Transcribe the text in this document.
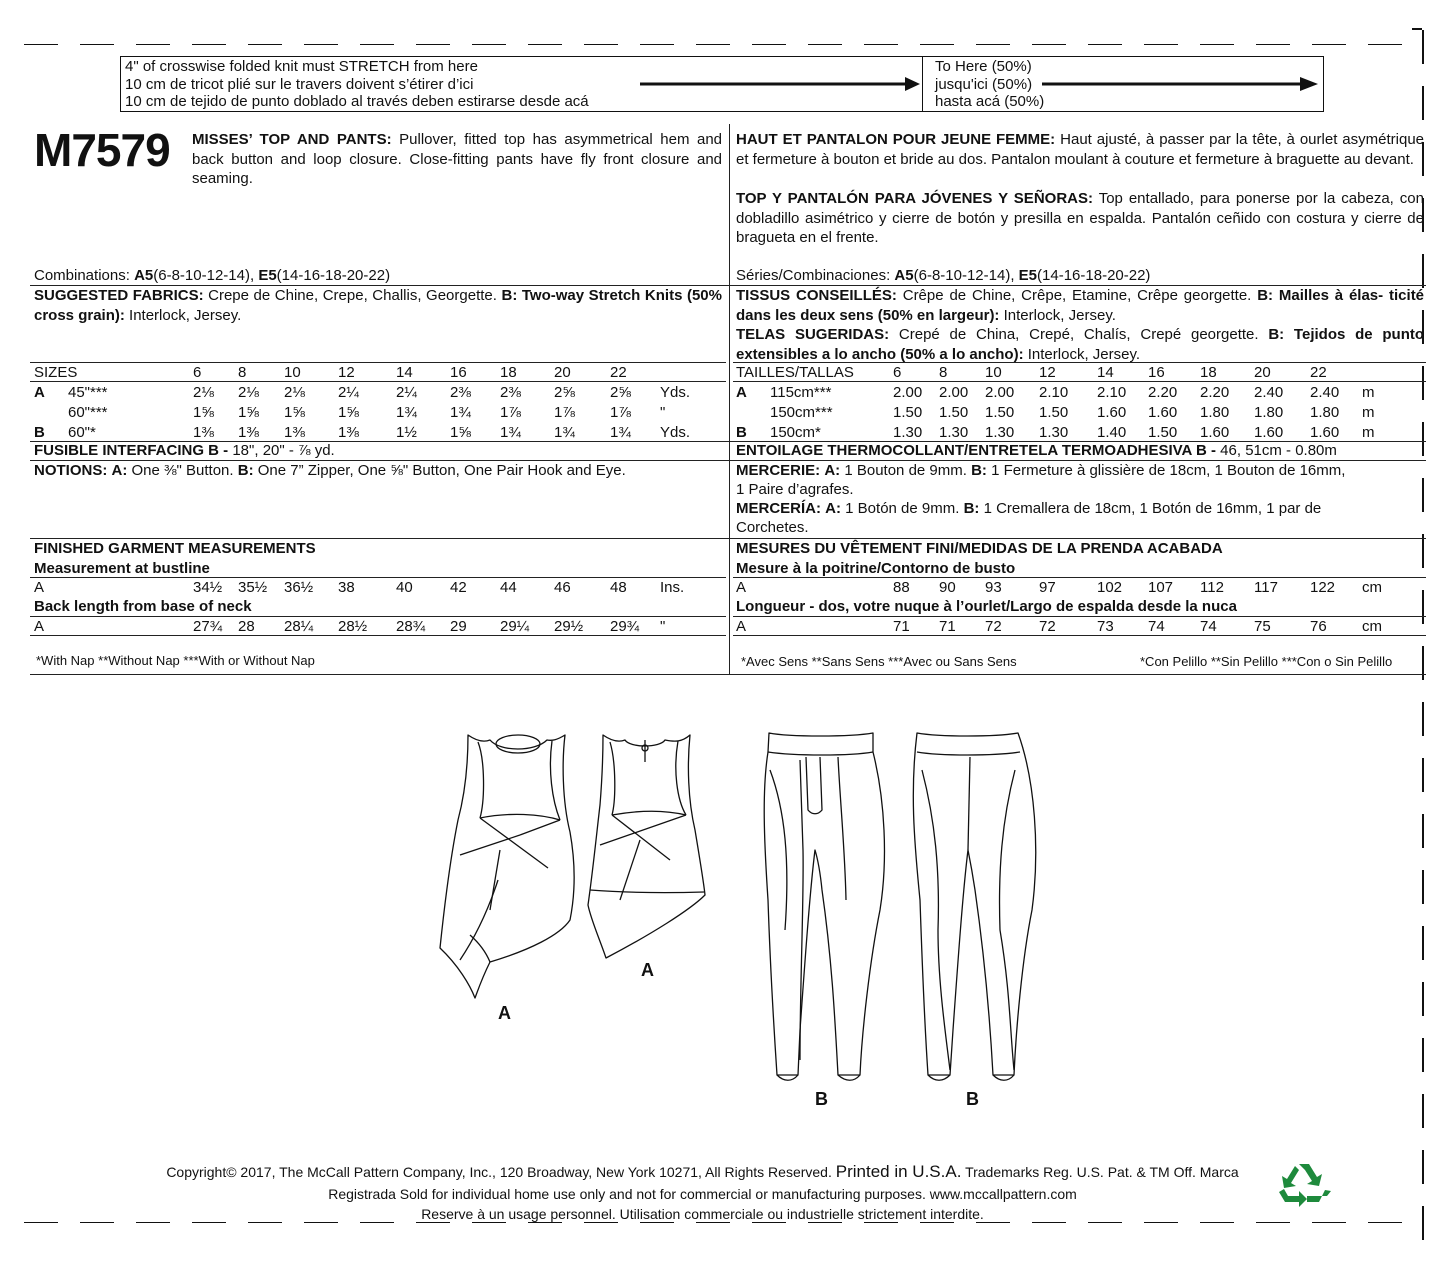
4" of crosswise folded knit must STRETCH from here
10 cm de tricot plié sur le travers doivent s’étirer d’ici
10 cm de tejido de punto doblado al través deben estirarse desde acá
To Here (50%)
jusqu'ici (50%)
hasta acá (50%)
M7579 MISSES’ TOP AND PANTS: Pullover, fitted top has asymmetrical hem and back button and loop closure. Close-fitting pants have fly front closure and seaming.
HAUT ET PANTALON POUR JEUNE FEMME: Haut ajusté, à passer par la tête, à ourlet asymétrique et fermeture à bouton et bride au dos. Pantalon moulant à couture et fermeture à braguette au devant.
TOP Y PANTALÓN PARA JÓVENES Y SEÑORAS: Top entallado, para ponerse por la cabeza, con dobladillo asimétrico y cierre de botón y presilla en espalda. Pantalón ceñido con costura y cierre de bragueta en el frente.
Combinations: A5(6-8-10-12-14), E5(14-16-18-20-22)	Séries/Combinaciones: A5(6-8-10-12-14), E5(14-16-18-20-22)
SUGGESTED FABRICS: Crepe de Chine, Crepe, Challis, Georgette. B: Two-way Stretch Knits (50% cross grain): Interlock, Jersey.
TISSUS CONSEILLÉS: Crêpe de Chine, Crêpe, Etamine, Crêpe georgette. B: Mailles à élas- ticité dans les deux sens (50% en largeur): Interlock, Jersey.
TELAS SUGERIDAS: Crepé de China, Crepé, Chalís, Crepé georgette. B: Tejidos de punto extensibles a lo ancho (50% a lo ancho): Interlock, Jersey.
SIZES	6 8	10 12	14 16 18 20	22
A 45"***	2⅛ 2⅛ 2⅛ 2¼ 2¼ 2⅜ 2⅜ 2⅝ 2⅝ Yds.
60"***	1⅝ 1⅝ 1⅝ 1⅝ 1¾ 1¾ 1⅞ 1⅞ 1⅞ "
B 60"*	1⅜ 1⅜ 1⅜ 1⅜ 1½ 1⅝ 1¾ 1¾ 1¾ Yds.
TAILLES/TALLAS	6	8	10 12	14 16 18 20	22
A 115cm***	2.00 2.00 2.00 2.10 2.10 2.20 2.20 2.40 2.40 m
150cm***	1.50 1.50 1.50 1.50 1.60 1.60 1.80 1.80 1.80 m
B 150cm*	1.30 1.30 1.30 1.30 1.40 1.50 1.60 1.60 1.60 m
FUSIBLE INTERFACING B - 18", 20" - ⅞ yd.	ENTOILAGE THERMOCOLLANT/ENTRETELA TERMOADHESIVA B - 46, 51cm - 0.80m
NOTIONS: A: One ⅜" Button. B: One 7” Zipper, One ⅝" Button, One Pair Hook and Eye.	MERCERIE: A: 1 Bouton de 9mm. B: 1 Fermeture à glissière de 18cm, 1 Bouton de 16mm,
1 Paire d’agrafes.
MERCERÍA: A: 1 Botón de 9mm. B: 1 Cremallera de 18cm, 1 Botón de 16mm, 1 par de
Corchetes.
FINISHED GARMENT MEASUREMENTS
Measurement at bustline
A	34½ 35½ 36½ 38	40 42 44 46	48 Ins.
Back length from base of neck
A	27¾ 28 28¼ 28½ 28¾ 29 29¼ 29½ 29¾ "
MESURES DU VÊTEMENT FINI/MEDIDAS DE LA PRENDA ACABADA
Mesure à la poitrine/Contorno de busto
A	88 90 93 97	102 107 112 117 122 cm
Longueur - dos, votre nuque à l’ourlet/Largo de espalda desde la nuca
A	71 71 72 72	73 74 74 75	76 cm
*With Nap **Without Nap ***With or Without Nap	*Avec Sens **Sans Sens ***Avec ou Sans Sens	*Con Pelillo **Sin Pelillo ***Con o Sin Pelillo
A
A
B	B
Copyright© 2017, The McCall Pattern Company, Inc., 120 Broadway, New York 10271, All Rights Reserved. Printed in U.S.A. Trademarks Reg. U.S. Pat. & TM Off. Marca
Registrada Sold for individual home use only and not for commercial or manufacturing purposes. www.mccallpattern.com
Reserve à un usage personnel. Utilisation commerciale ou industrielle strictement interdite.
